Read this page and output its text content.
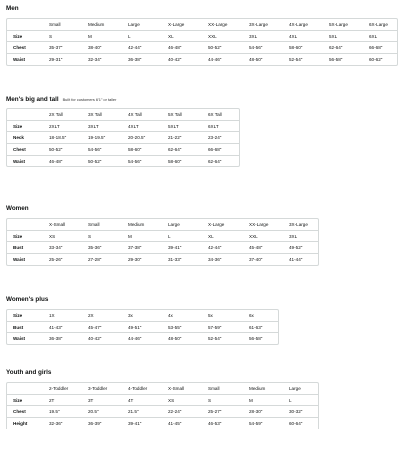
Men
	Small	Medium	Large	X-Large	XX-Large	3X-Large	4X-Large	5X-Large	6X-Large
Size	S	M	L	XL	XXL	3XL	4XL	5XL	6XL
Chest	35-37"	38-40"	42-44"	46-48"	50-52"	54-56"	58-60"	62-64"	66-68"
Waist	29-31"	32-34"	36-38"	40-42"	44-46"	48-50"	52-54"	56-58"	60-62"
Men's big and tall Built for customers 6'1" or taller
	2X Tall	3X Tall	4X Tall	5X Tall	6X Tall
Size	2XLT	3XLT	4XLT	5XLT	6XLT
Neck	18-18.5"	19-19.5"	20-20.5"	21-22"	23-24"
Chest	50-52"	54-56"	58-60"	62-64"	66-68"
Waist	46-48"	50-52"	54-56"	58-60"	62-64"
Women
	X-Small	Small	Medium	Large	X-Large	XX-Large	3X-Large
Size	XS	S	M	L	XL	XXL	3XL
Bust	33-34"	35-36"	37-38"	39-41"	42-44"	45-48"	49-52"
Waist	25-26"	27-28"	29-30"	31-33"	34-36"	37-40"	41-44"
Women's plus
Size	1X	2X	3x	4x	5x	6x
Bust	41-43"	45-47"	49-51"	53-55"	57-59"	61-63"
Waist	36-38"	40-42"	44-46"	48-50"	52-54"	56-58"
Youth and girls
	2-Toddler	3-Toddler	4-Toddler	X-Small	Small	Medium	Large
Size	2T	3T	4T	XS	S	M	L
Chest	19.5"	20.5"	21.5"	22-24"	25-27"	28-30"	30-32"
Height	32-36"	36-39"	39-41"	41-45"	46-53"	54-59"	60-64"
